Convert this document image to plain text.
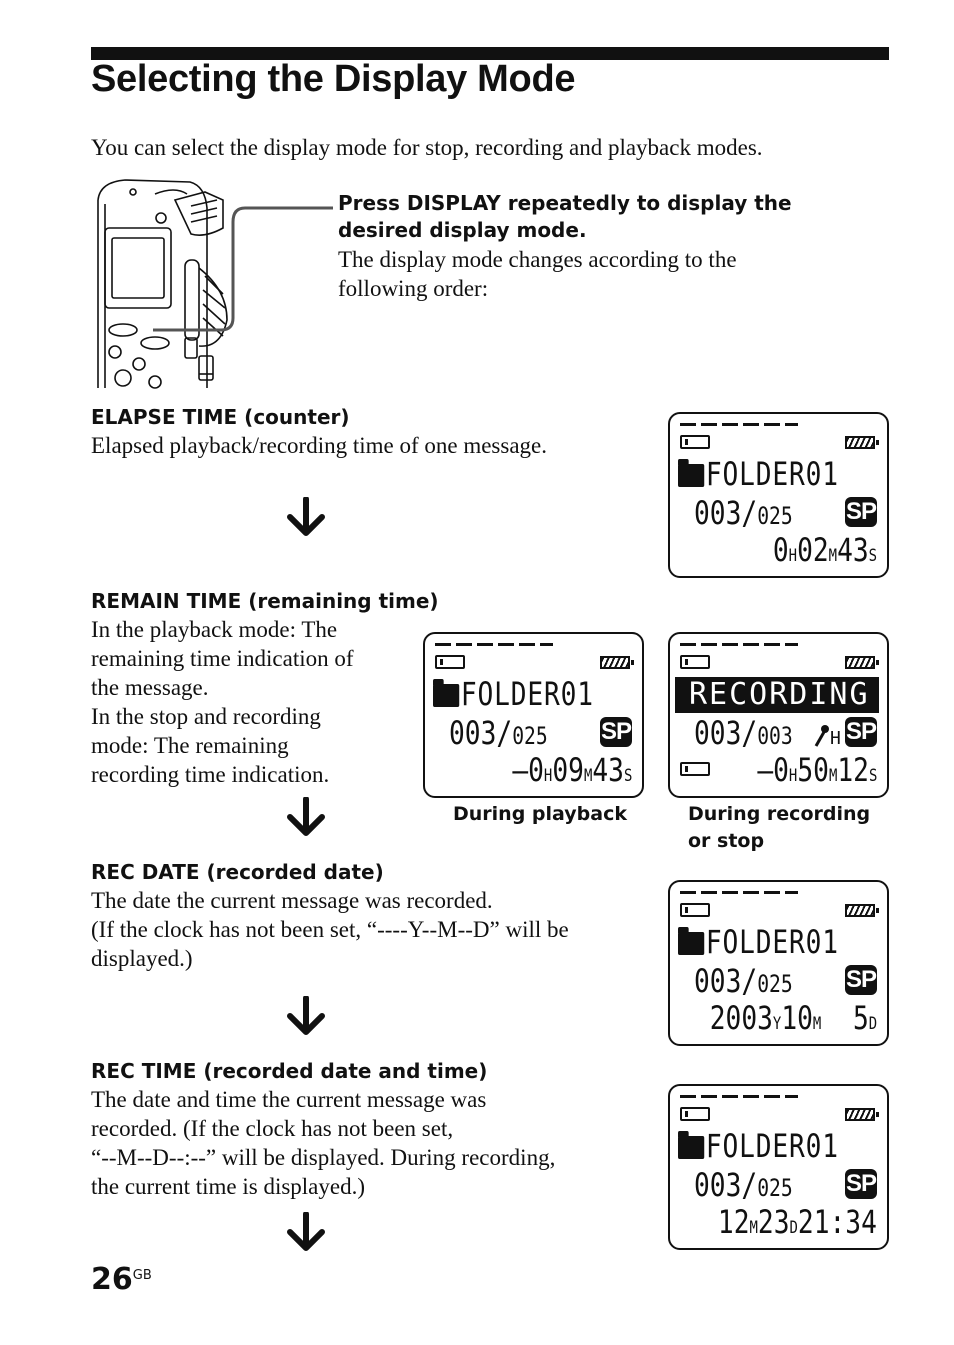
Selecting the Display Mode
You can select the display mode for stop, recording and playback modes.
Press DISPLAY repeatedly to display the
desired display mode.
The display mode changes according to the
following order:
ELAPSE TIME (counter)
Elapsed playback/recording time of one message.
FOLDER01
003/025 SP
0H02M43S
REMAIN TIME (remaining time)
In the playback mode: The
remaining time indication of
the message.
In the stop and recording
mode: The remaining
recording time indication.
FOLDER01
003/025 SP
–0H09M43S
RECORDING
003/003 H SP
–0H50M12S
During playback	During recording
or stop
REC DATE (recorded date)
The date the current message was recorded.
(If the clock has not been set, “----Y--M--D” will be
displayed.)	FOLDER01
003/025 SP
2003Y10M 5D
REC TIME (recorded date and time)
The date and time the current message was
recorded. (If the clock has not been set,
“--M--D--:--” will be displayed. During recording,
the current time is displayed.)
FOLDER01
003/025 SP
12M23D21:34
$26^{GB}$
